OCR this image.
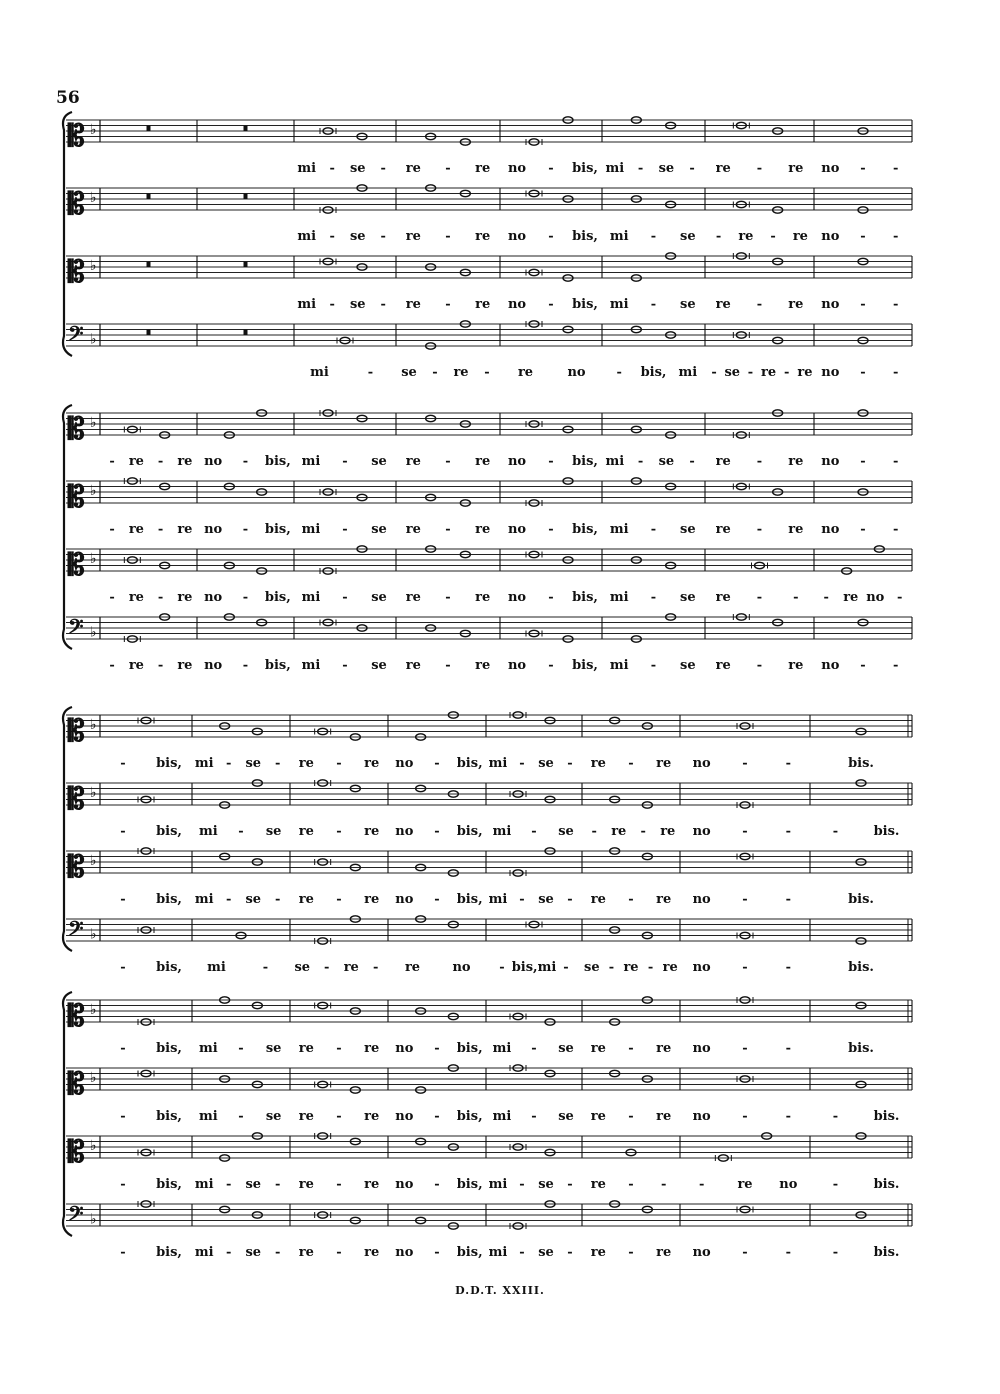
56
𝄡 ♭
mi - se - re - re no - bis, mi - se - re - re no - -
𝄡 ♭
mi - se - re - re no - bis, mi - se - re - re no - -
𝄡 ♭
mi - se - re - re no - bis, mi - se re - re no - -
𝄢 ♭
mi	- se - re - re	no - bis, mi - se - re - re no - -
𝄡 ♭
- re - re no - bis, mi - se re - re no - bis, mi - se - re - re no - -
𝄡 ♭
- re - re no - bis, mi - se re - re no - bis, mi - se re - re no - -
𝄡 ♭
- re - re no - bis, mi - se re - re no - bis, mi - se re - - - re no -
𝄢 ♭
- re - re no - bis, mi - se re - re no - bis, mi - se re - re no - -
𝄡 ♭
- bis, mi - se - re - re no - bis, mi - se - re - re no -	-	bis.
𝄡 ♭
- bis, mi - se re - re no - bis, mi - se - re - re no -	-	-	bis.
𝄡 ♭
- bis, mi - se - re - re no - bis, mi - se - re - re no -	-	bis.
𝄢 ♭
- bis, mi	- se - re - re no - bis,mi - se - re - re no -	-	bis.
𝄡 ♭
- bis, mi - se re - re no - bis, mi - se re - re no -	-	bis.
𝄡 ♭
- bis, mi - se re - re no - bis, mi - se re - re no -	-	-	bis.
𝄡 ♭
- bis, mi - se - re - re no - bis, mi - se - re - -	-	re no	-	bis.
𝄢 ♭
- bis, mi - se - re - re no - bis, mi - se - re - re no -	-	-	bis.
D.D.T. XXIII.
